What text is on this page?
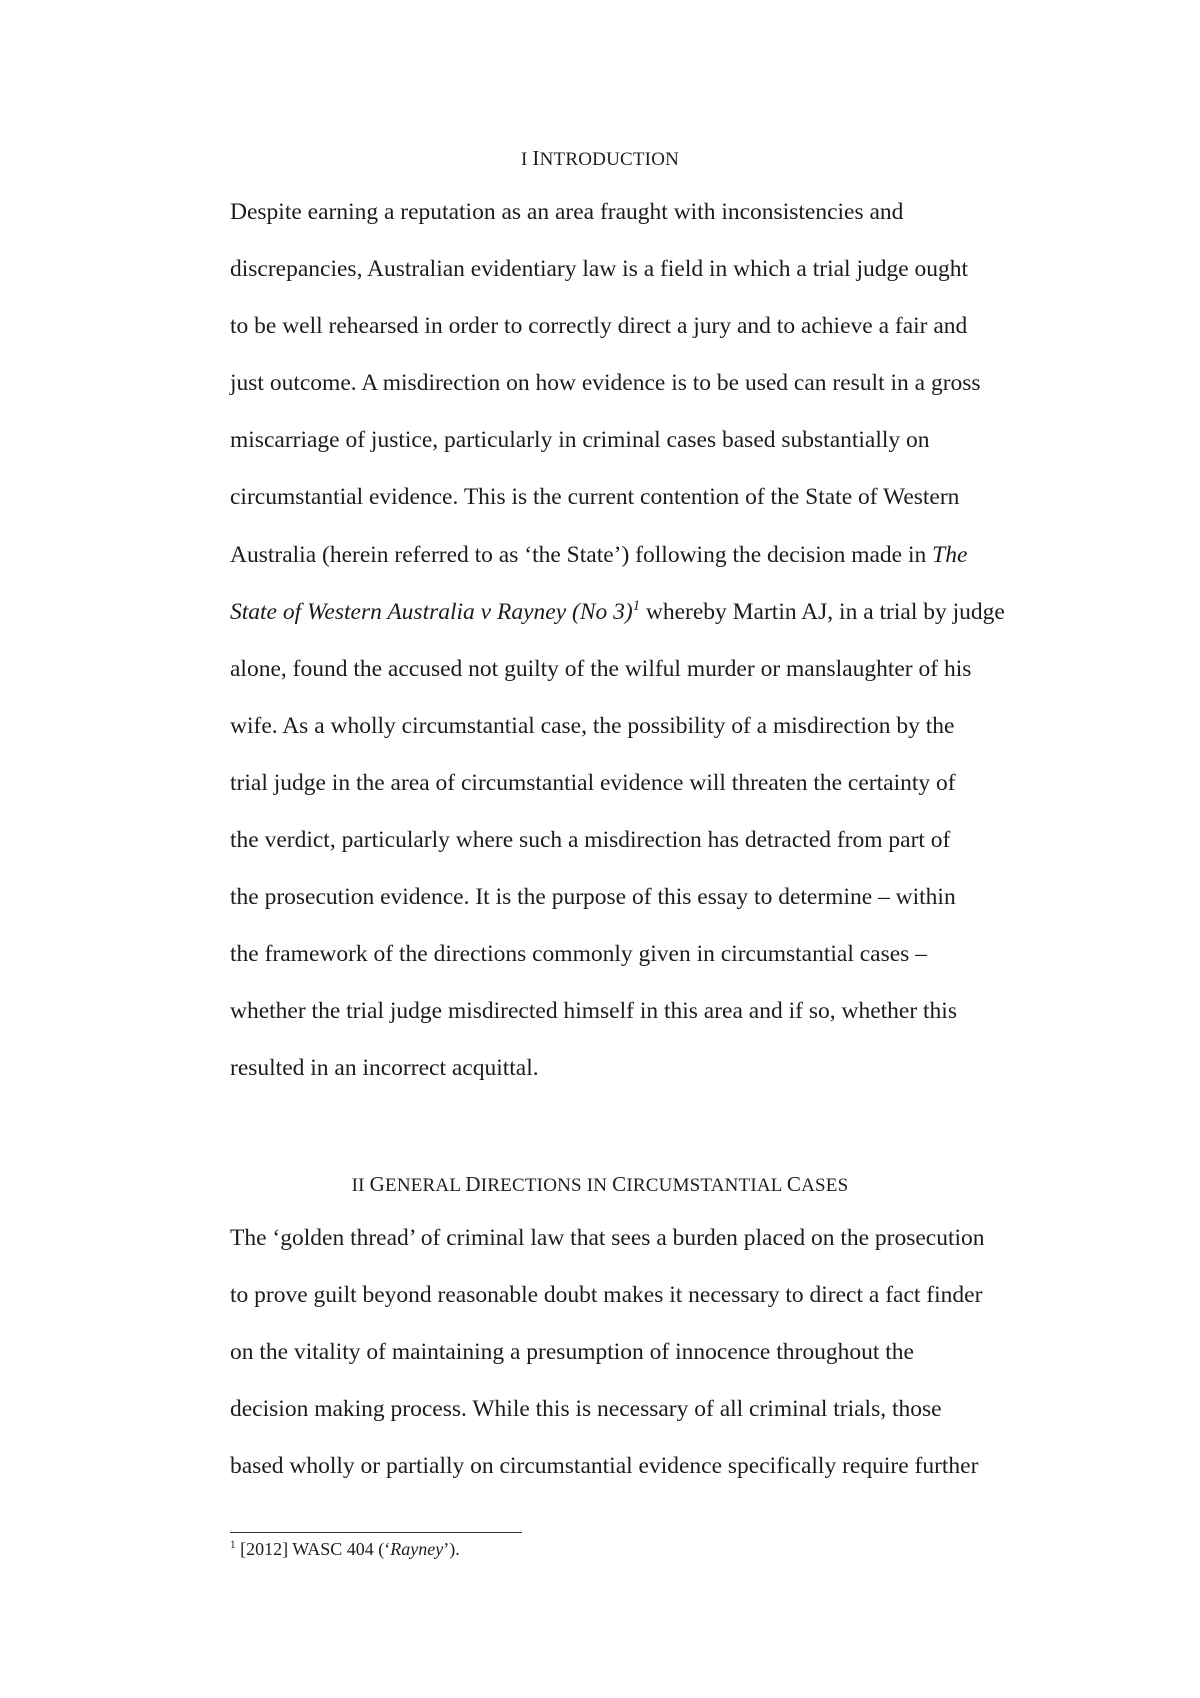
I INTRODUCTION
Despite earning a reputation as an area fraught with inconsistencies and
discrepancies, Australian evidentiary law is a field in which a trial judge ought
to be well rehearsed in order to correctly direct a jury and to achieve a fair and
just outcome. A misdirection on how evidence is to be used can result in a gross
miscarriage of justice, particularly in criminal cases based substantially on
circumstantial evidence. This is the current contention of the State of Western
Australia (herein referred to as ‘the State’) following the decision made in The
State of Western Australia v Rayney (No 3)$^1$ whereby Martin AJ, in a trial by judge
alone, found the accused not guilty of the wilful murder or manslaughter of his
wife. As a wholly circumstantial case, the possibility of a misdirection by the
trial judge in the area of circumstantial evidence will threaten the certainty of
the verdict, particularly where such a misdirection has detracted from part of
the prosecution evidence. It is the purpose of this essay to determine – within
the framework of the directions commonly given in circumstantial cases –
whether the trial judge misdirected himself in this area and if so, whether this
resulted in an incorrect acquittal.
II GENERAL DIRECTIONS IN CIRCUMSTANTIAL CASES
The ‘golden thread’ of criminal law that sees a burden placed on the prosecution
to prove guilt beyond reasonable doubt makes it necessary to direct a fact finder
on the vitality of maintaining a presumption of innocence throughout the
decision making process. While this is necessary of all criminal trials, those
based wholly or partially on circumstantial evidence specifically require further
$^1$ [2012] WASC 404 (‘Rayney’).
